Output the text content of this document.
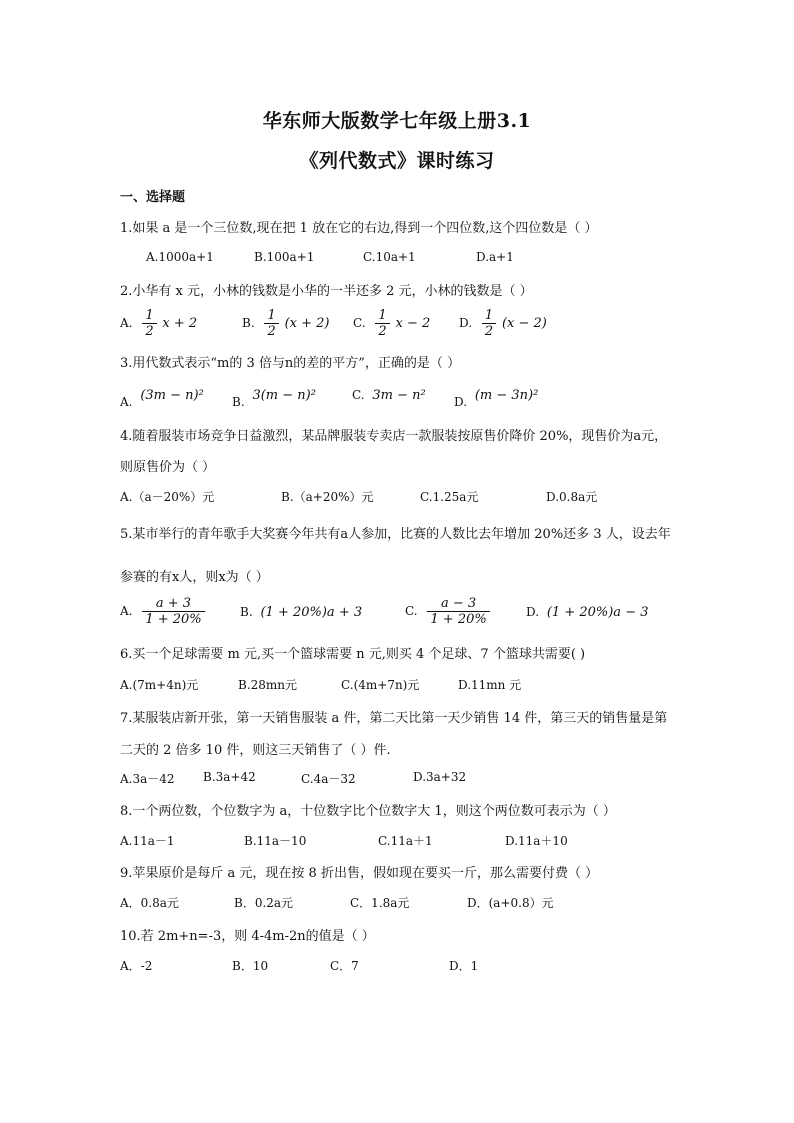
华东师大版数学七年级上册3.1
《列代数式》课时练习
一、选择题
1.如果 a 是一个三位数,现在把 1 放在它的右边,得到一个四位数,这个四位数是（ ）
A.1000a+1	B.100a+1	C.10a+1	D.a+1
2.小华有 x 元，小林的钱数是小华的一半还多 2 元，小林的钱数是（ ）
A. $\frac{1}{2}$ x + 2	B. $\frac{1}{2} (x + 2)$ C. $\frac{1}{2}$ x − 2 D. $\frac{1}{2} (x - 2)$
3.用代数式表示“m的 3 倍与n的差的平方”，正确的是（ ）
A. (3m − n)² B. 3(m − n)²	C. 3m − n² D. (m − 3n)²
4.随着服装市场竞争日益激烈，某品牌服装专卖店一款服装按原售价降价 20%，现售价为a元，
则原售价为（ ）
A.（a－20%）元	B.（a+20%）元	C.1.25a元	D.0.8a元
5.某市举行的青年歌手大奖赛今年共有a人参加，比赛的人数比去年增加 20%还多 3 人，设去年
参赛的有x人，则x为（ ）
A. $\frac{a + 3}{1 + 20\%}$	B. (1 + 20%)a + 3	C. $\frac{a - 3}{1 + 20\%}$	D. (1 + 20%)a − 3
6.买一个足球需要 m 元,买一个篮球需要 n 元,则买 4 个足球、7 个篮球共需要( )
A.(7m+4n)元	B.28mn元	C.(4m+7n)元	D.11mn 元
7.某服装店新开张，第一天销售服装 a 件，第二天比第一天少销售 14 件，第三天的销售量是第
二天的 2 倍多 10 件，则这三天销售了（ ）件.
A.3a－42 B.3a+42	C.4a－32	D.3a+32
8.一个两位数，个位数字为 a，十位数字比个位数字大 1，则这个两位数可表示为（ ）
A.11a－1	B.11a－10	C.11a＋1	D.11a＋10
9.苹果原价是每斤 a 元，现在按 8 折出售，假如现在要买一斤，那么需要付费（ ）
A．0.8a元	B．0.2a元	C．1.8a元	D．(a+0.8）元
10.若 2m+n=-3，则 4-4m-2n的值是（ ）
A．-2	B．10	C．7	D．1
